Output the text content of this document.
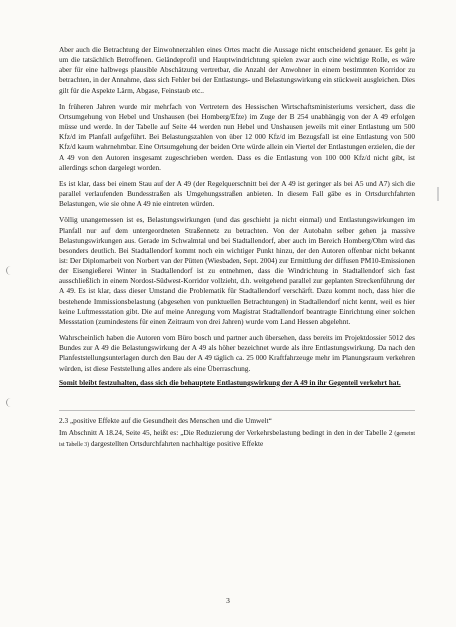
Aber auch die Betrachtung der Einwohnerzahlen eines Ortes macht die Aussage nicht entscheidend genauer. Es geht ja um die tatsächlich Betroffenen. Geländeprofil und Hauptwindrichtung spielen zwar auch eine wichtige Rolle, es wäre aber für eine halbwegs plausible Abschätzung vertretbar, die Anzahl der Anwohner in einem bestimmten Korridor zu betrachten, in der Annahme, dass sich Fehler bei der Entlastungs- und Belastungswirkung ein stückweit ausgleichen. Dies gilt für die Aspekte Lärm, Abgase, Feinstaub etc..

In früheren Jahren wurde mir mehrfach von Vertretern des Hessischen Wirtschaftsministeriums versichert, dass die Ortsumgehung von Hebel und Unshausen (bei Homberg/Efze) im Zuge der B 254 unabhängig von der A 49 erfolgen müsse und werde. In der Tabelle auf Seite 44 werden nun Hebel und Unshausen jeweils mit einer Entlastung um 500 Kfz/d im Planfall aufgeführt. Bei Belastungszahlen von über 12 000 Kfz/d im Bezugsfall ist eine Entlastung von 500 Kfz/d kaum wahrnehmbar. Eine Ortsumgehung der beiden Orte würde allein ein Viertel der Entlastungen erzielen, die der A 49 von den Autoren insgesamt zugeschrieben werden. Dass es die Entlastung von 100 000 Kfz/d nicht gibt, ist allerdings schon dargelegt worden.

Es ist klar, dass bei einem Stau auf der A 49 (der Regelquerschnitt bei der A 49 ist geringer als bei A5 und A7) sich die parallel verlaufenden Bundesstraßen als Umgehungsstraßen anbieten. In diesem Fall gäbe es in Ortsdurchfahrten Belastungen, wie sie ohne A 49 nie eintreten würden.

Völlig unangemessen ist es, Belastungswirkungen (und das geschieht ja nicht einmal) und Entlastungswirkungen im Planfall nur auf dem untergeordneten Straßennetz zu betrachten. Von der Autobahn selber gehen ja massive Belastungswirkungen aus. Gerade im Schwalmtal und bei Stadtallendorf, aber auch im Bereich Homberg/Ohm wird das besonders deutlich. Bei Stadtallendorf kommt noch ein wichtiger Punkt hinzu, der den Autoren offenbar nicht bekannt ist: Der Diplomarbeit von Norbert van der Pütten (Wiesbaden, Sept. 2004) zur Ermittlung der diffusen PM10-Emissionen der Eisengießerei Winter in Stadtallendorf ist zu entnehmen, dass die Windrichtung in Stadtallendorf sich fast ausschließlich in einem Nordost-Südwest-Korridor vollzieht, d.h. weitgehend parallel zur geplanten Streckenführung der A 49. Es ist klar, dass dieser Umstand die Problematik für Stadtallendorf verschärft. Dazu kommt noch, dass hier die bestehende Immissionsbelastung (abgesehen von punktuellen Betrachtungen) in Stadtallendorf nicht kennt, weil es hier keine Luftmessstation gibt. Die auf meine Anregung vom Magistrat Stadtallendorf beantragte Einrichtung einer solchen Messstation (zumindestens für einen Zeitraum von drei Jahren) wurde vom Land Hessen abgelehnt.

Wahrscheinlich haben die Autoren vom Büro bosch und partner auch übersehen, dass bereits im Projektdossier 5012 des Bundes zur A 49 die Belastungswirkung der A 49 als höher bezeichnet wurde als ihre Entlastungswirkung. Da nach den Planfeststellungsunterlagen durch den Bau der A 49 täglich ca. 25 000 Kraftfahrzeuge mehr im Planungsraum verkehren würden, ist diese Feststellung alles andere als eine Überraschung.

Somit bleibt festzuhalten, dass sich die behauptete Entlastungswirkung der A 49 in ihr Gegenteil verkehrt hat.

2.3 „positive Effekte auf die Gesundheit des Menschen und die Umwelt“

Im Abschnitt A 18.24, Seite 45, heißt es: „Die Reduzierung der Verkehrsbelastung bedingt in den in der Tabelle 2 (gemeint ist Tabelle 3) dargestellten Ortsdurchfahrten nachhaltige positive Effekte

3
